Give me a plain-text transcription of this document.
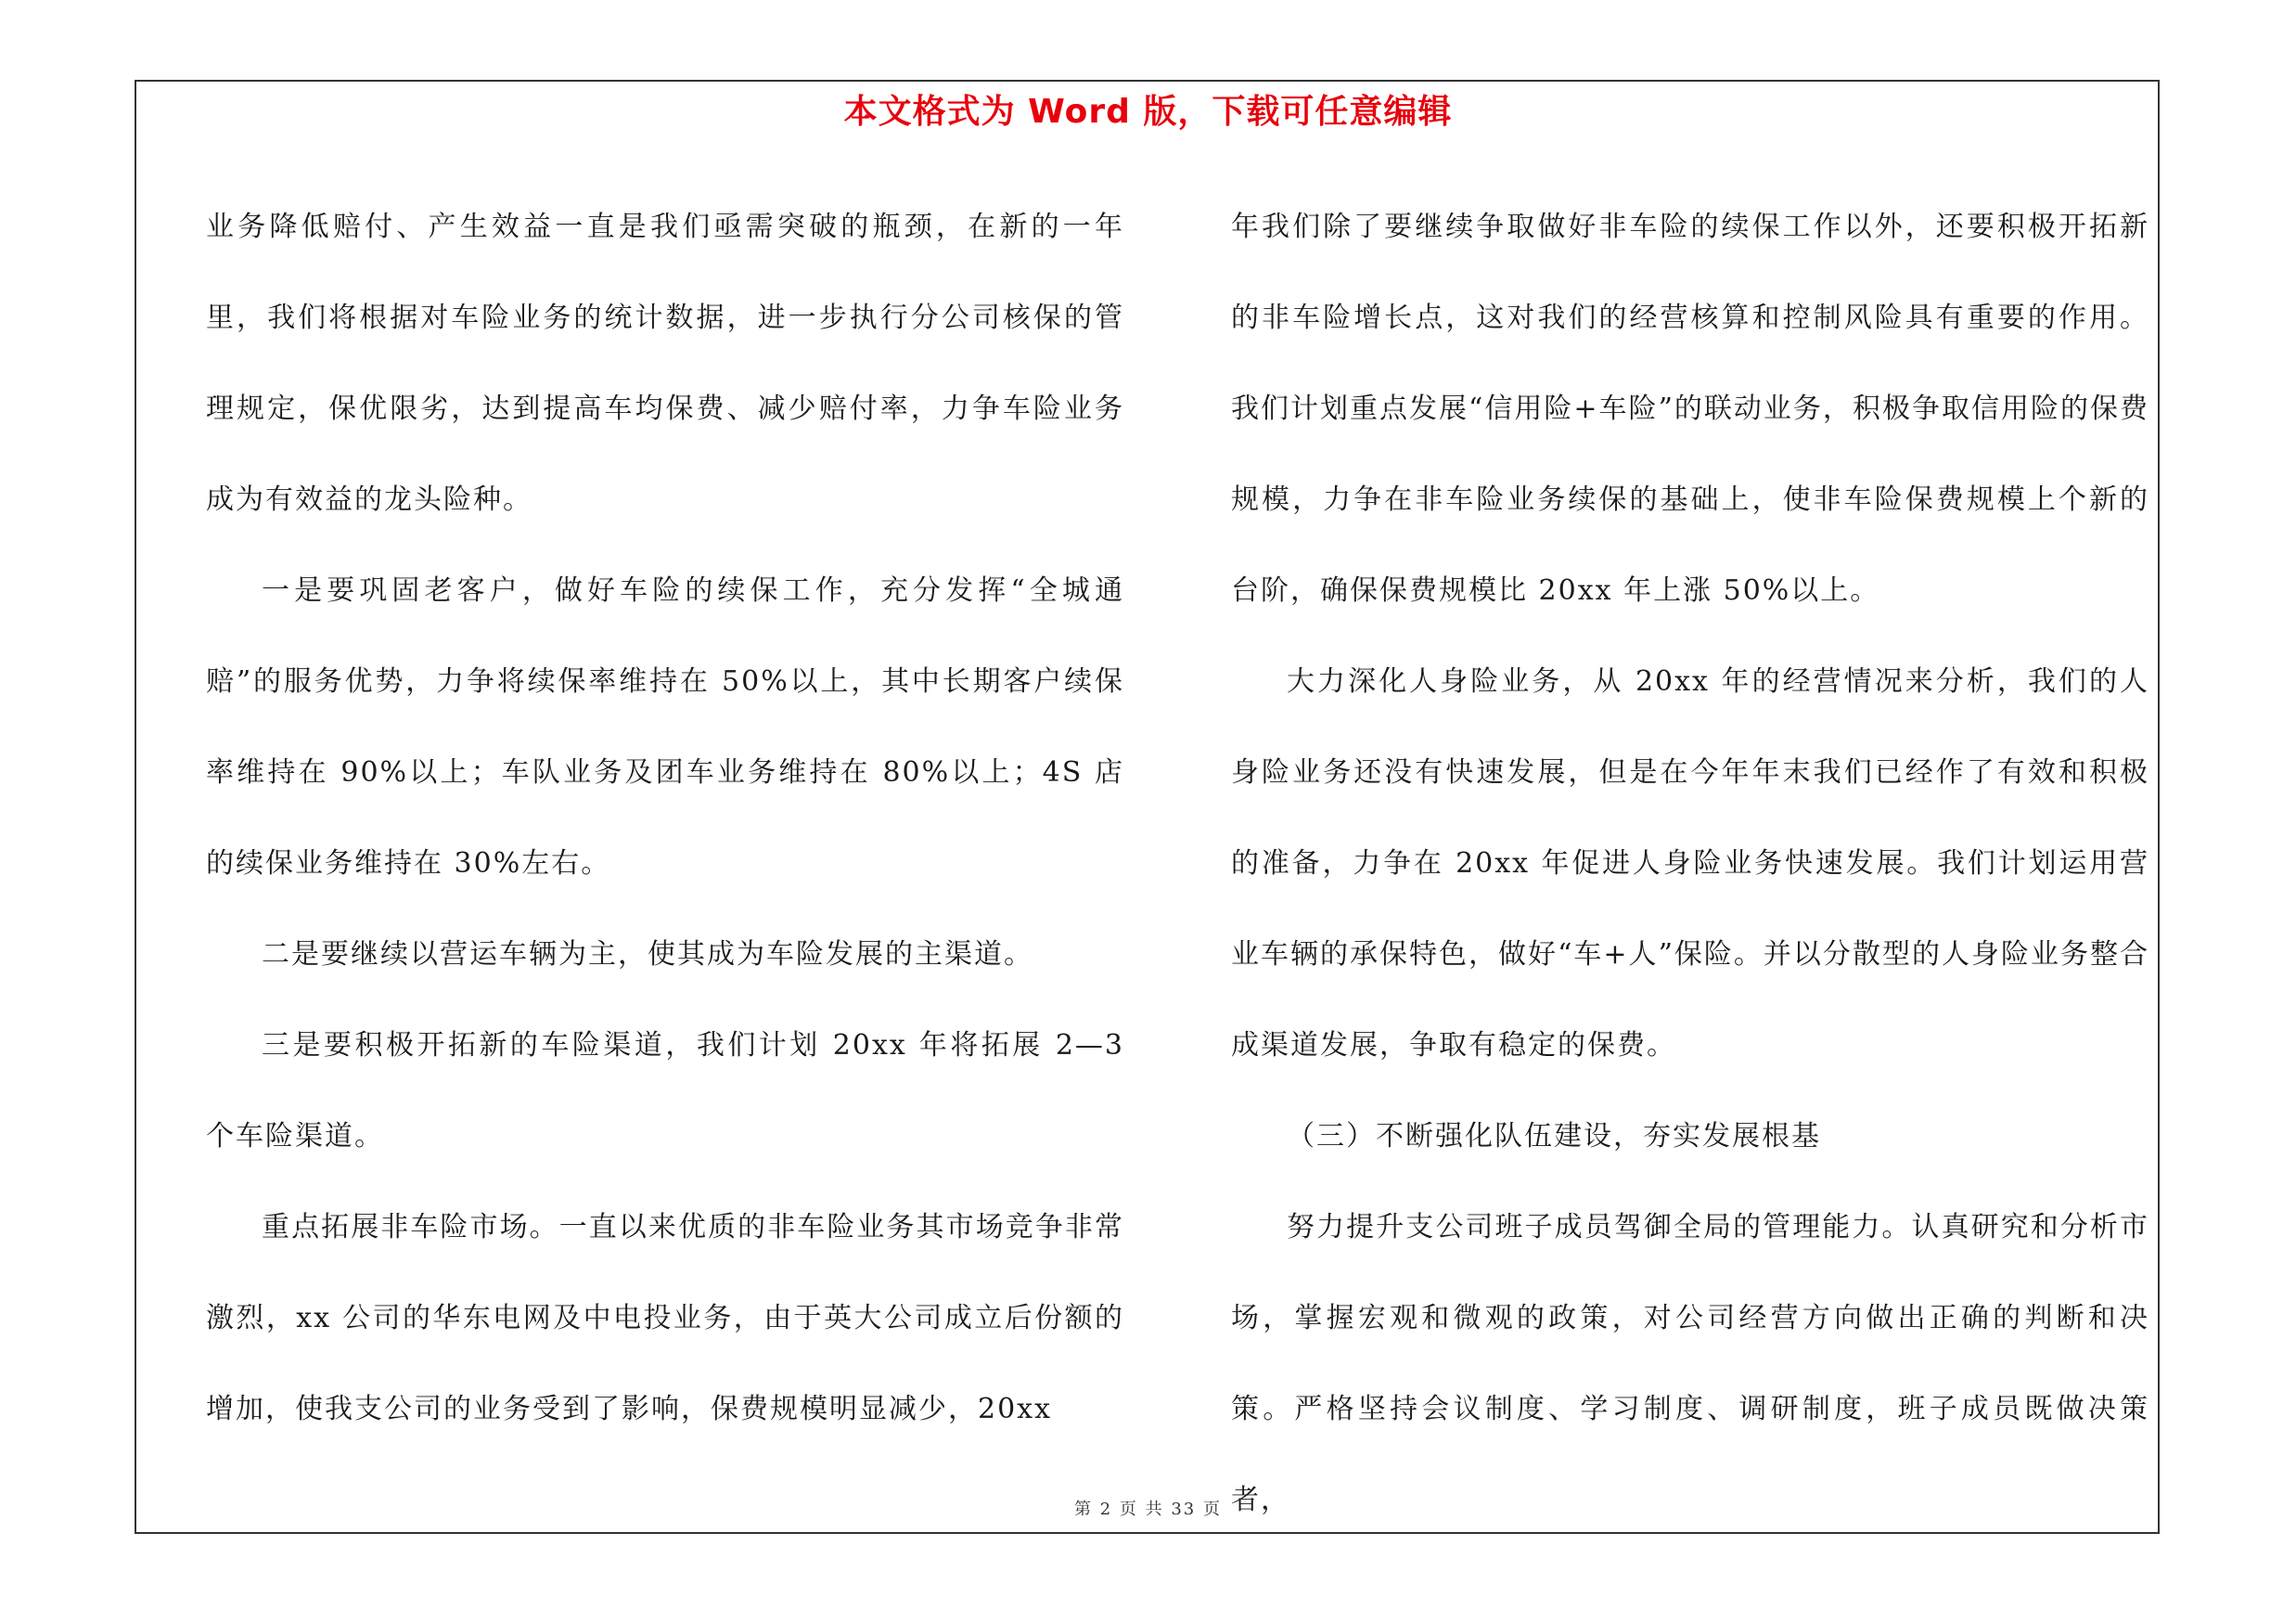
本文格式为 Word 版，下载可任意编辑

业务降低赔付、产生效益一直是我们亟需突破的瓶颈，在新的一年里，我们将根据对车险业务的统计数据，进一步执行分公司核保的管理规定，保优限劣，达到提高车均保费、减少赔付率，力争车险业务成为有效益的龙头险种。

一是要巩固老客户，做好车险的续保工作，充分发挥“全城通赔”的服务优势，力争将续保率维持在 50%以上，其中长期客户续保率维持在 90%以上；车队业务及团车业务维持在 80%以上；4S 店的续保业务维持在 30%左右。

二是要继续以营运车辆为主，使其成为车险发展的主渠道。

三是要积极开拓新的车险渠道，我们计划 20xx 年将拓展 2—3 个车险渠道。

重点拓展非车险市场。一直以来优质的非车险业务其市场竞争非常激烈，xx 公司的华东电网及中电投业务，由于英大公司成立后份额的增加，使我支公司的业务受到了影响，保费规模明显减少，20xx

年我们除了要继续争取做好非车险的续保工作以外，还要积极开拓新的非车险增长点，这对我们的经营核算和控制风险具有重要的作用。我们计划重点发展“信用险+车险”的联动业务，积极争取信用险的保费规模，力争在非车险业务续保的基础上，使非车险保费规模上个新的台阶，确保保费规模比 20xx 年上涨 50%以上。

大力深化人身险业务，从 20xx 年的经营情况来分析，我们的人身险业务还没有快速发展，但是在今年年末我们已经作了有效和积极的准备，力争在 20xx 年促进人身险业务快速发展。我们计划运用营业车辆的承保特色，做好“车+人”保险。并以分散型的人身险业务整合成渠道发展，争取有稳定的保费。

（三）不断强化队伍建设，夯实发展根基

努力提升支公司班子成员驾御全局的管理能力。认真研究和分析市场，掌握宏观和微观的政策，对公司经营方向做出正确的判断和决策。严格坚持会议制度、学习制度、调研制度，班子成员既做决策者，

第 2 页 共 33 页
